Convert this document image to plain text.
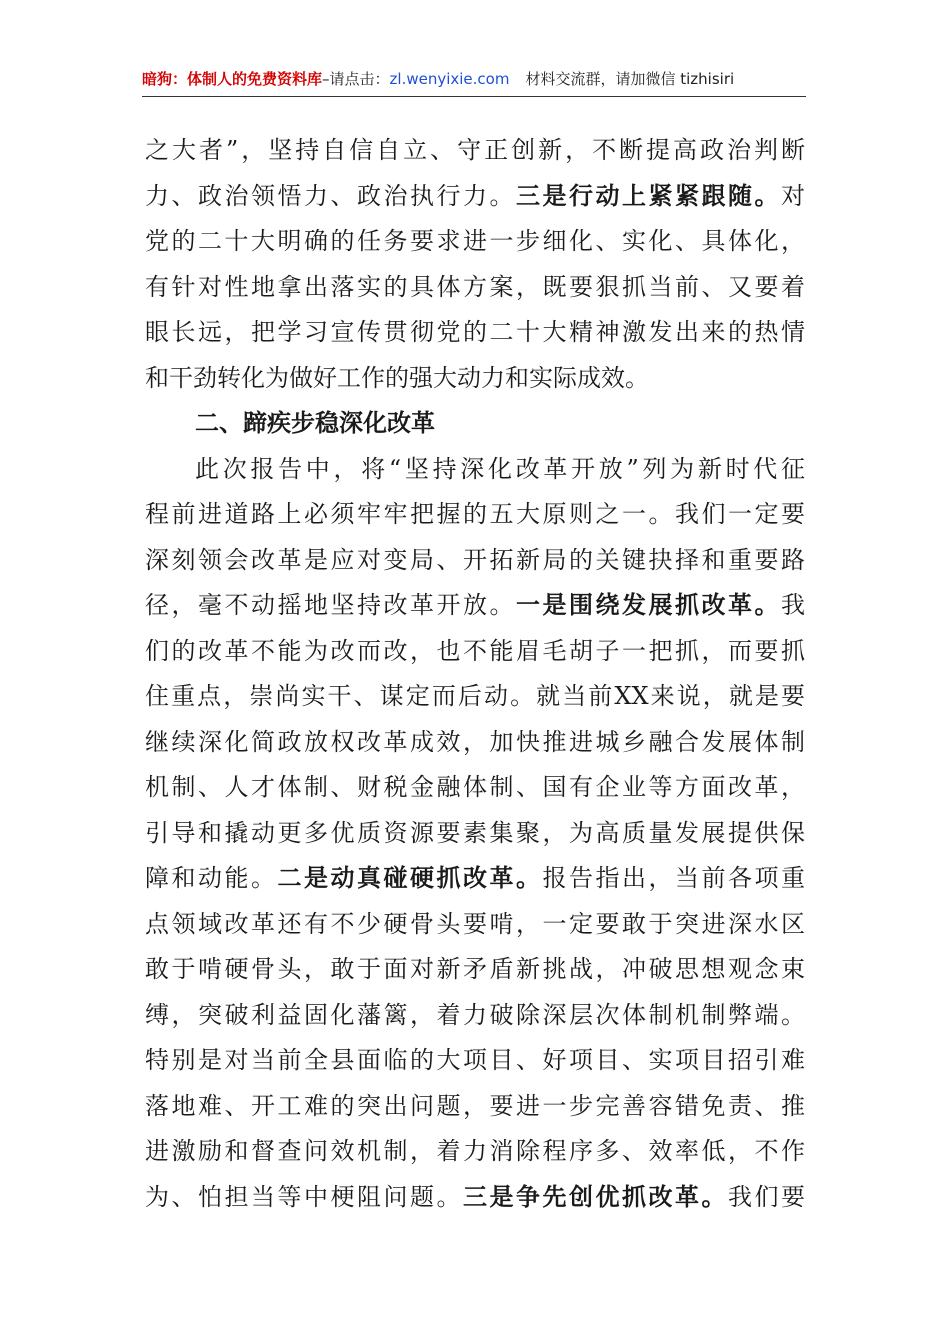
暗狗：体制人的免费资料库 –请点击： zl.wenyixie.com 材料交流群，请加微信 tizhisiri
之大者”，坚持自信自立、守正创新，不断提高政治判断
力、政治领悟力、政治执行力。三是行动上紧紧跟随。对
党的二十大明确的任务要求进一步细化、实化、具体化，
有针对性地拿出落实的具体方案，既要狠抓当前、又要着
眼长远，把学习宣传贯彻党的二十大精神激发出来的热情
和干劲转化为做好工作的强大动力和实际成效。
二、蹄疾步稳深化改革
此次报告中，将“坚持深化改革开放”列为新时代征
程前进道路上必须牢牢把握的五大原则之一。我们一定要
深刻领会改革是应对变局、开拓新局的关键抉择和重要路
径，毫不动摇地坚持改革开放。一是围绕发展抓改革。我
们的改革不能为改而改，也不能眉毛胡子一把抓，而要抓
住重点，崇尚实干、谋定而后动。就当前XX来说，就是要
继续深化简政放权改革成效，加快推进城乡融合发展体制
机制、人才体制、财税金融体制、国有企业等方面改革，
引导和撬动更多优质资源要素集聚，为高质量发展提供保
障和动能。二是动真碰硬抓改革。报告指出，当前各项重
点领域改革还有不少硬骨头要啃，一定要敢于突进深水区
敢于啃硬骨头，敢于面对新矛盾新挑战，冲破思想观念束
缚，突破利益固化藩篱，着力破除深层次体制机制弊端。
特别是对当前全县面临的大项目、好项目、实项目招引难
落地难、开工难的突出问题，要进一步完善容错免责、推
进激励和督查问效机制，着力消除程序多、效率低，不作
为、怕担当等中梗阻问题。三是争先创优抓改革。我们要
